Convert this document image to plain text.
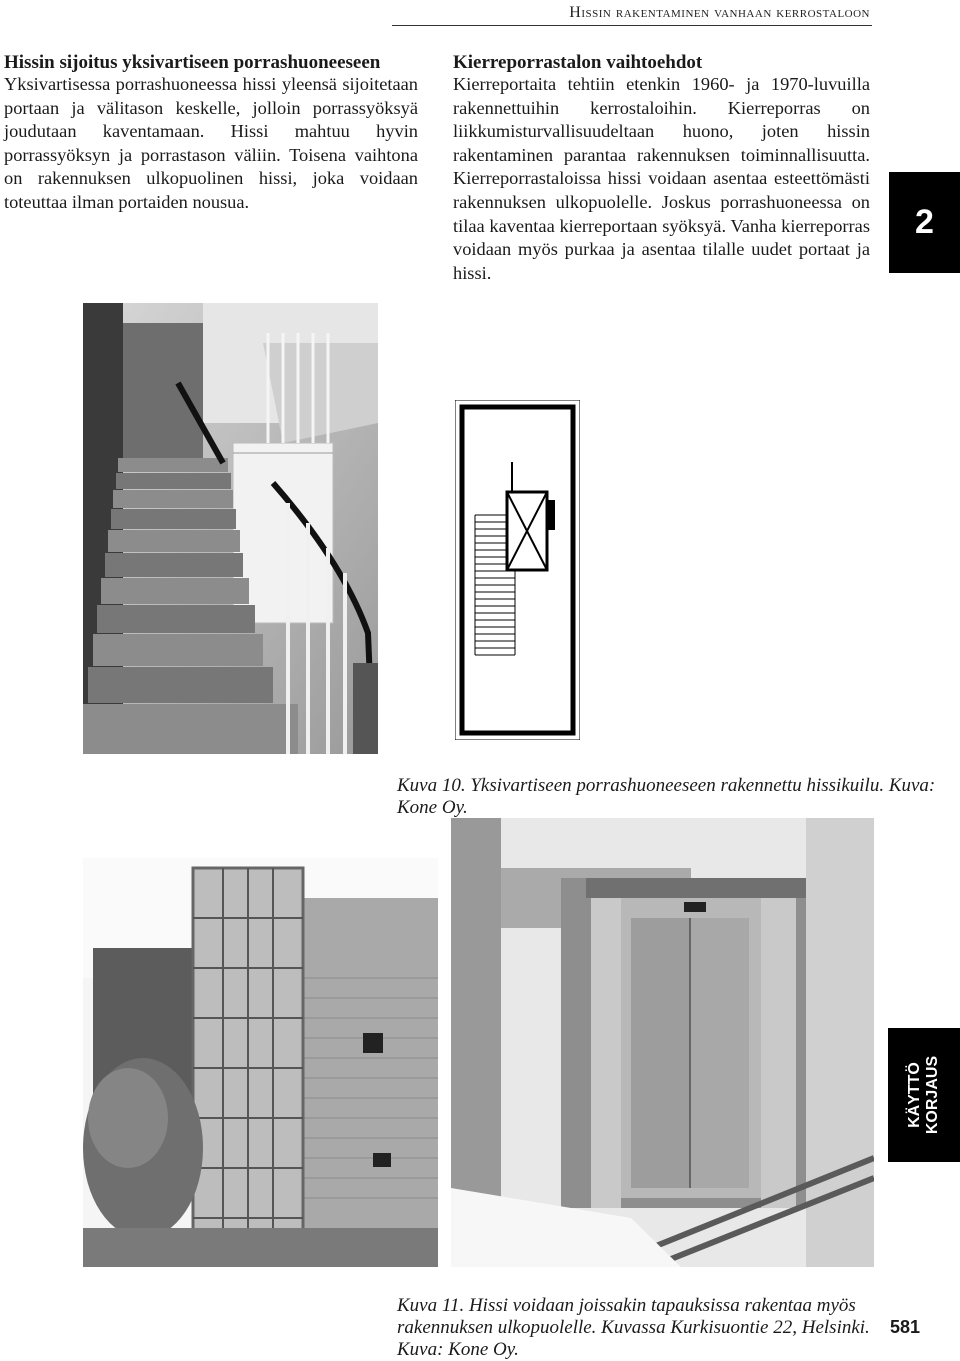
Hissin rakentaminen vanhaan kerrostaloon

Hissin sijoitus yksivartiseen porrashuoneeseen

Yksivartisessa porrashuoneessa hissi yleensä sijoitetaan portaan ja välitason keskelle, jolloin porrassyöksyä joudutaan kaventamaan. Hissi mahtuu hyvin porrassyöksyn ja porrastason väliin. Toisena vaihtona on rakennuksen ulkopuolinen hissi, joka voidaan toteuttaa ilman portaiden nousua.

Kierreporrastalon vaihtoehdot

Kierreportaita tehtiin etenkin 1960- ja 1970-luvuilla rakennettuihin kerrostaloihin. Kierreporras on liikkumisturvallisuudeltaan huono, joten hissin rakentaminen parantaa rakennuksen toiminnallisuutta. Kierreporrastaloissa hissi voidaan asentaa esteettömästi rakennuksen ulkopuolelle. Joskus porrashuoneessa on tilaa kaventaa kierreportaan syöksyä. Vanha kierreporras voidaan myös purkaa ja asentaa tilalle uudet portaat ja hissi.

2
Kuva 10. Yksivartiseen porrashuoneeseen rakennettu hissikuilu. Kuva: Kone Oy.
KÄYTTÖ KORJAUS
Kuva 11. Hissi voidaan joissakin tapauksissa rakentaa myös rakennuksen ulkopuolelle. Kuvassa Kurkisuontie 22, Helsinki. Kuva: Kone Oy.
581
